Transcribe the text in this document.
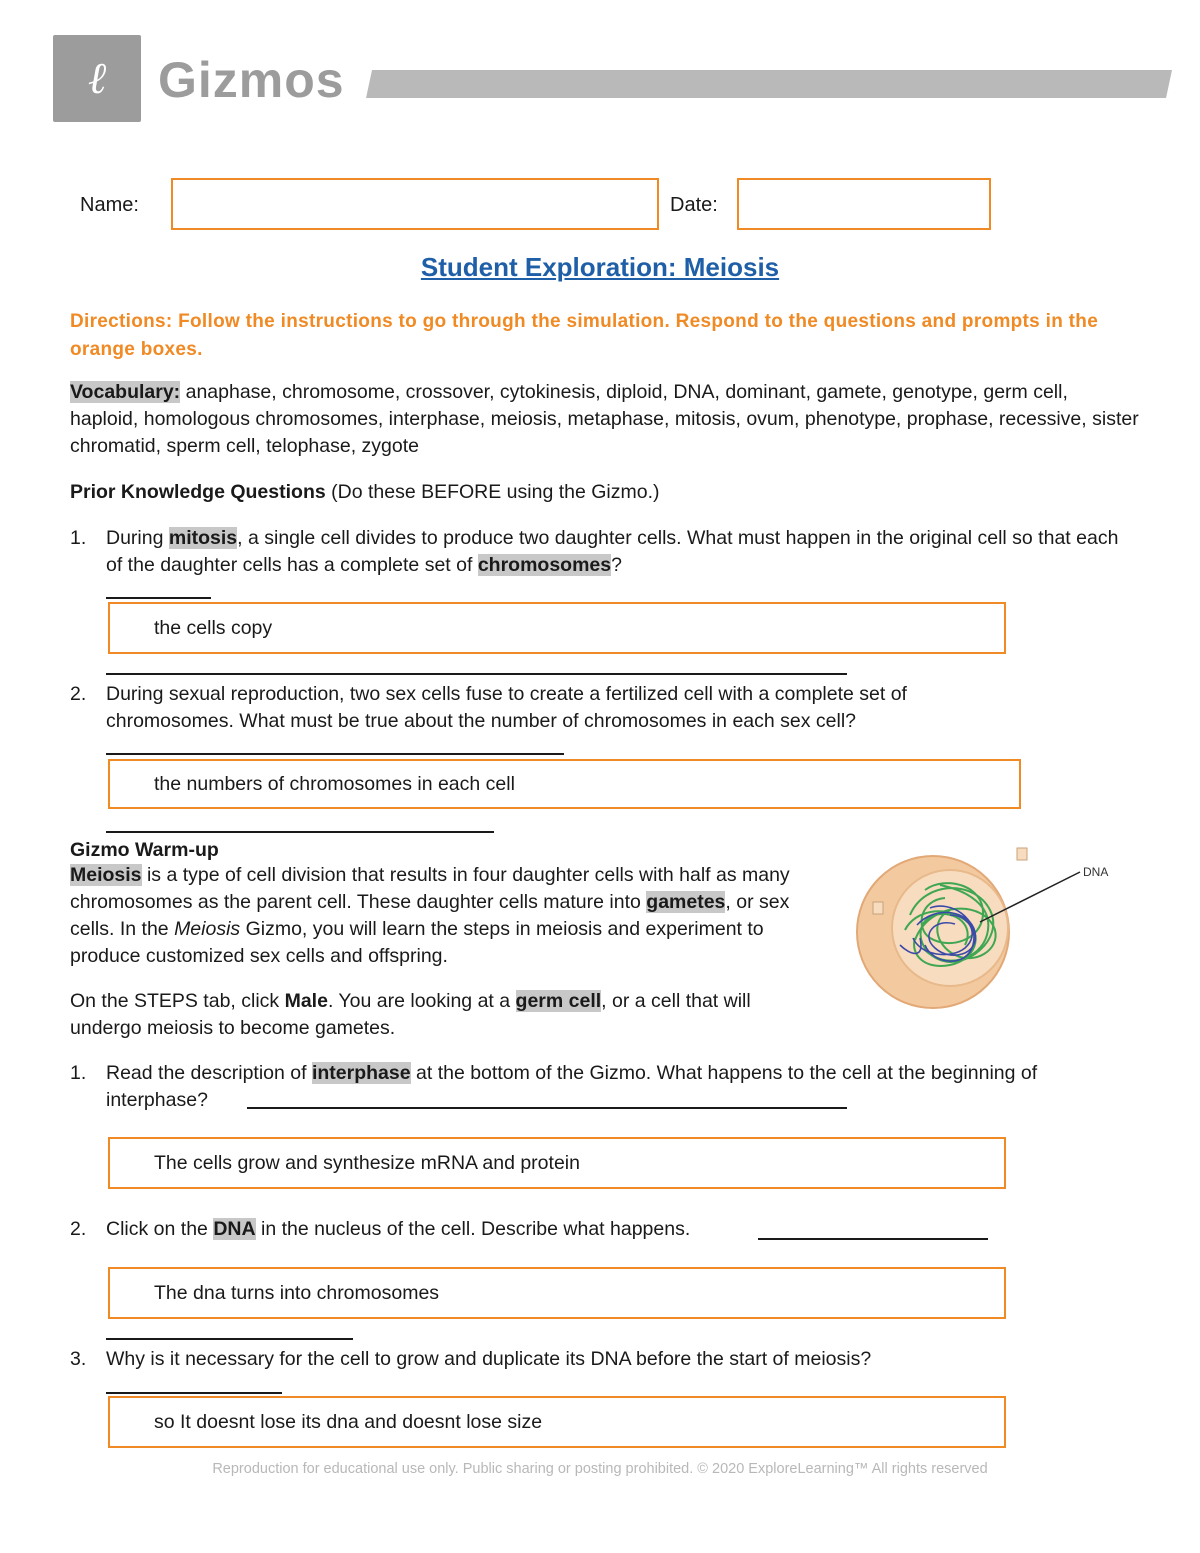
ℓ	Gizmos
Name:	Date:
Student Exploration: Meiosis
Directions: Follow the instructions to go through the simulation. Respond to the questions and prompts in the orange boxes.
Vocabulary: anaphase, chromosome, crossover, cytokinesis, diploid, DNA, dominant, gamete, genotype, germ cell, haploid, homologous chromosomes, interphase, meiosis, metaphase, mitosis, ovum, phenotype, prophase, recessive, sister chromatid, sperm cell, telophase, zygote
Prior Knowledge Questions (Do these BEFORE using the Gizmo.)
1. During mitosis, a single cell divides to produce two daughter cells. What must happen in the original cell so that each of the daughter cells has a complete set of chromosomes?
the cells copy
2. During sexual reproduction, two sex cells fuse to create a fertilized cell with a complete set of chromosomes. What must be true about the number of chromosomes in each sex cell?
the numbers of chromosomes in each cell
Gizmo Warm-up
Meiosis is a type of cell division that results in four daughter cells with half as many chromosomes as the parent cell. These daughter cells mature into gametes, or sex cells. In the Meiosis Gizmo, you will learn the steps in meiosis and experiment to produce customized sex cells and offspring.
On the STEPS tab, click Male. You are looking at a germ cell, or a cell that will undergo meiosis to become gametes.
DNA
1. Read the description of interphase at the bottom of the Gizmo. What happens to the cell at the beginning of interphase?
The cells grow and synthesize mRNA and protein
2. Click on the DNA in the nucleus of the cell. Describe what happens.
The dna turns into chromosomes
3. Why is it necessary for the cell to grow and duplicate its DNA before the start of meiosis?
so It doesnt lose its dna and doesnt lose size
Reproduction for educational use only. Public sharing or posting prohibited. © 2020 ExploreLearning™ All rights reserved
